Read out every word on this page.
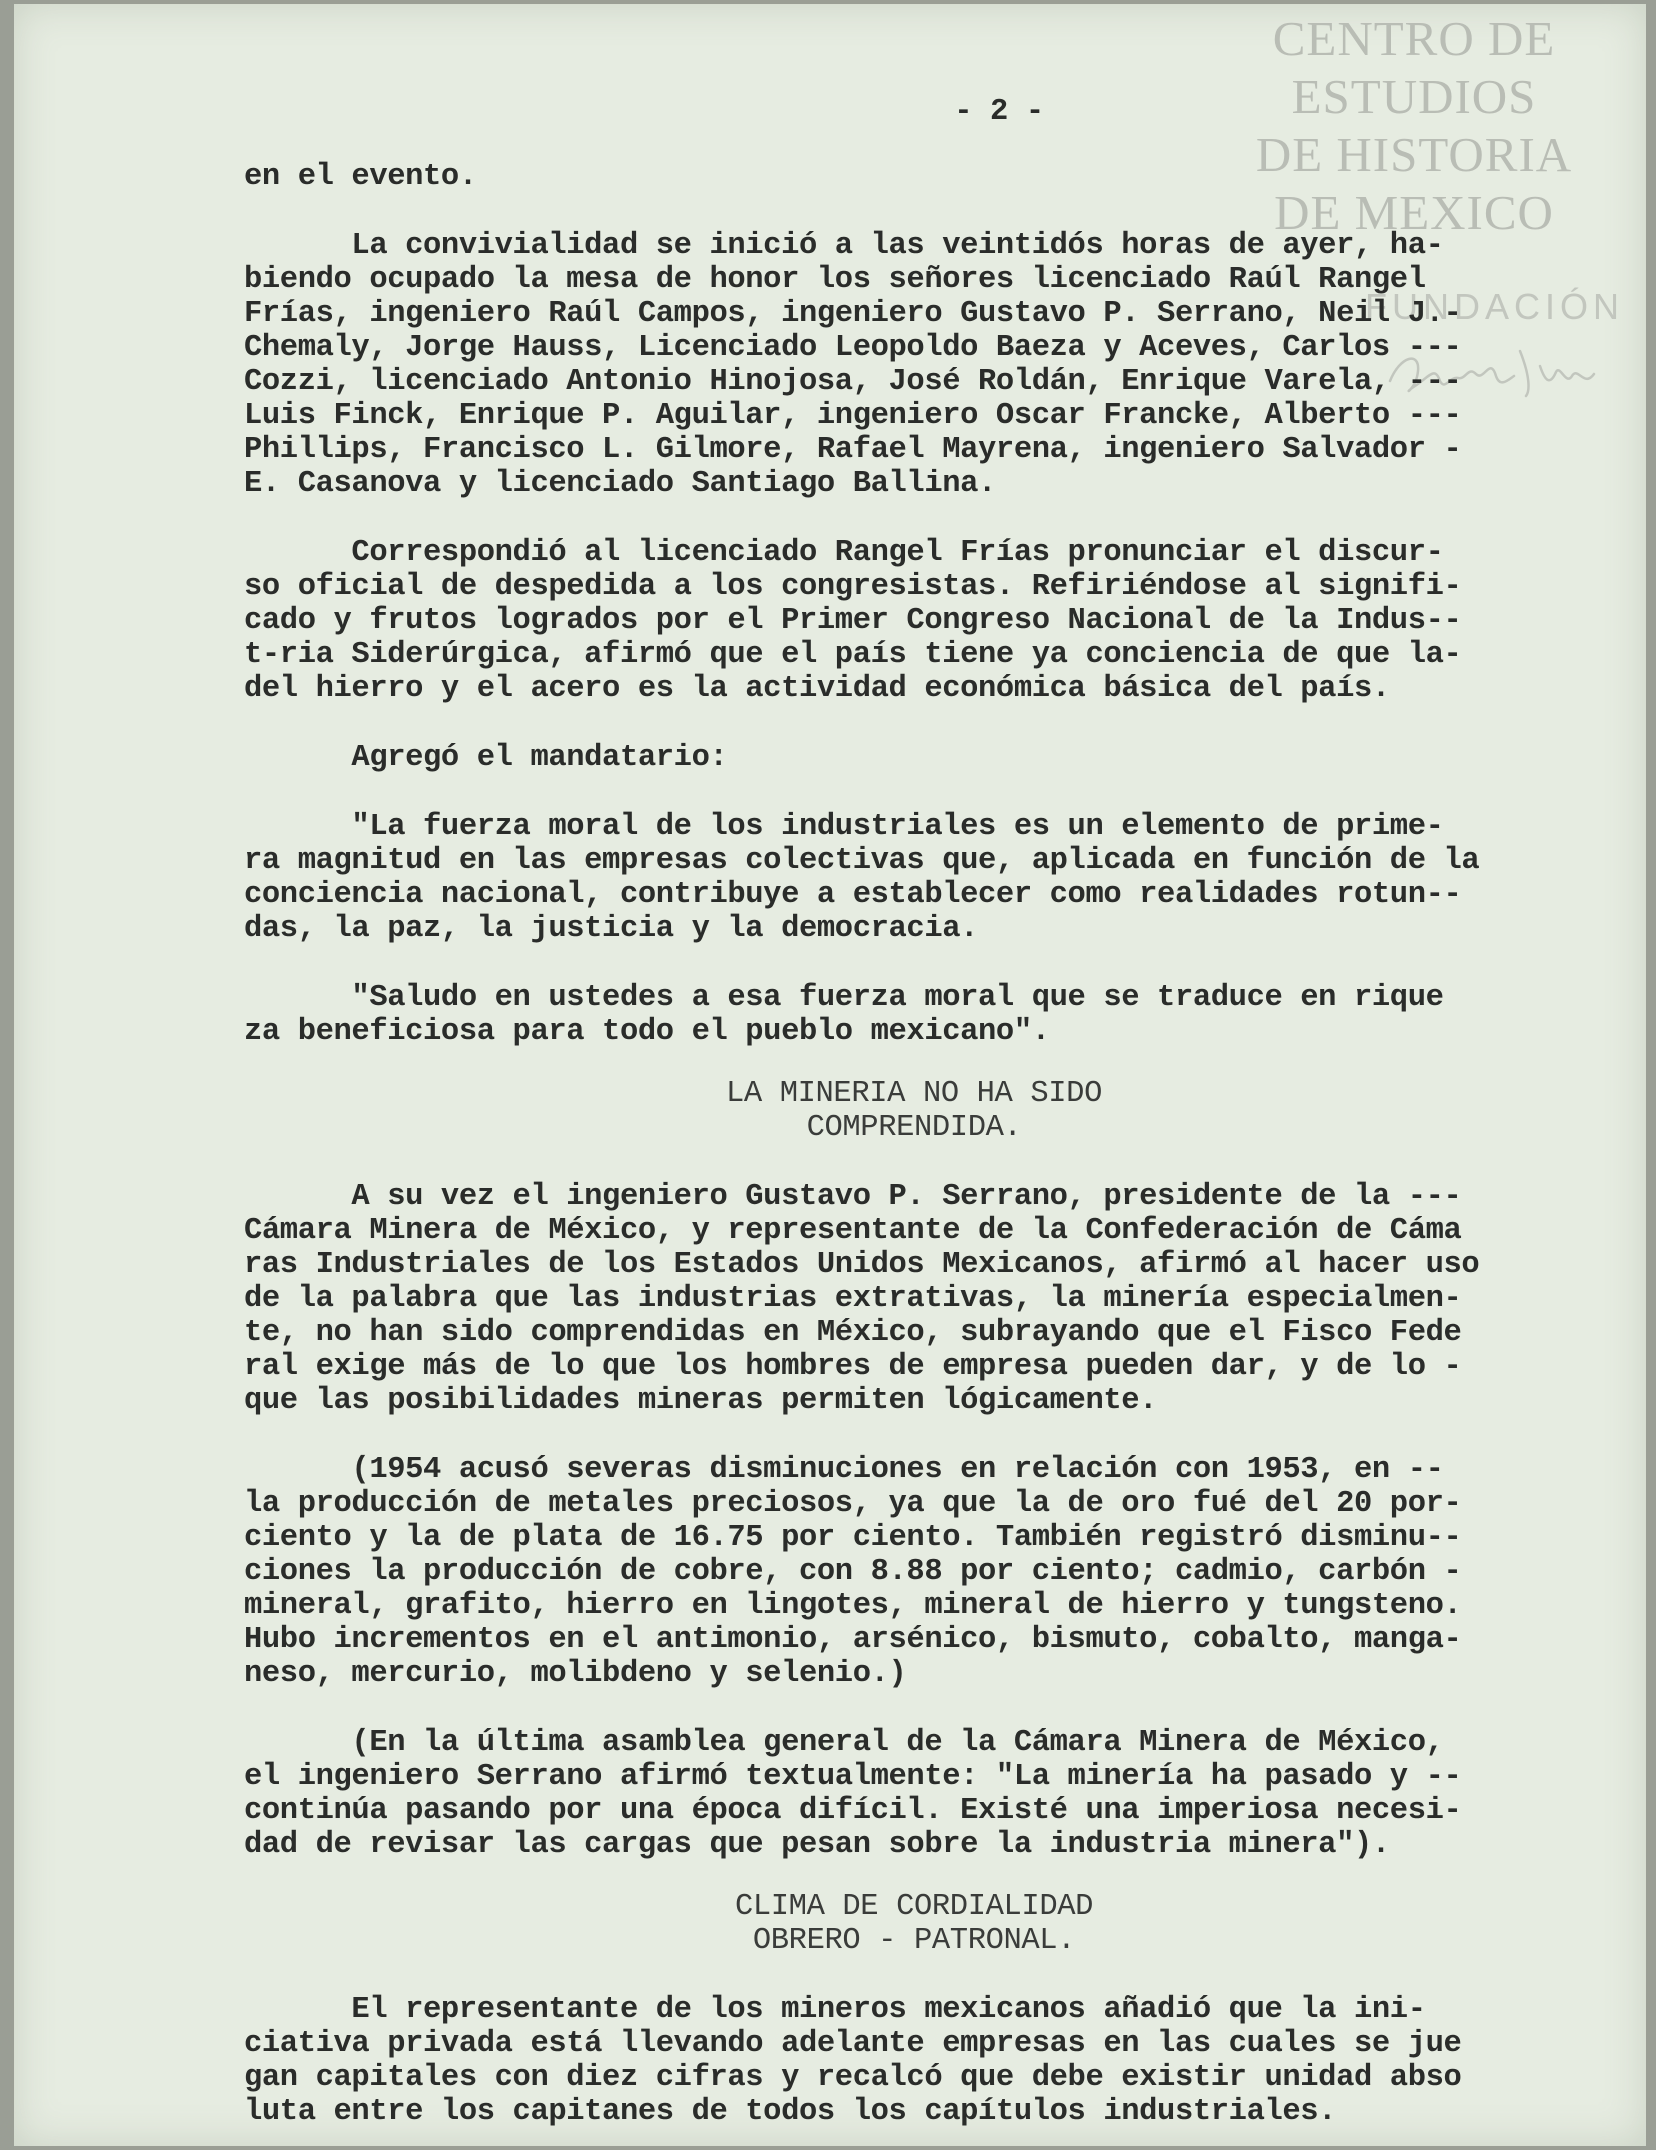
CENTRO DE
ESTUDIOS
DE HISTORIA
DE MEXICO
FUNDACIÓN
- 2 -
en el evento.
La convivialidad se inició a las veintidós horas de ayer, ha-
biendo ocupado la mesa de honor los señores licenciado Raúl Rangel
Frías, ingeniero Raúl Campos, ingeniero Gustavo P. Serrano, Neil J.-
Chemaly, Jorge Hauss, Licenciado Leopoldo Baeza y Aceves, Carlos ---
Cozzi, licenciado Antonio Hinojosa, José Roldán, Enrique Varela, ---
Luis Finck, Enrique P. Aguilar, ingeniero Oscar Francke, Alberto ---
Phillips, Francisco L. Gilmore, Rafael Mayrena, ingeniero Salvador -
E. Casanova y licenciado Santiago Ballina.
Correspondió al licenciado Rangel Frías pronunciar el discur-
so oficial de despedida a los congresistas. Refiriéndose al signifi-
cado y frutos logrados por el Primer Congreso Nacional de la Indus--
t-ria Siderúrgica, afirmó que el país tiene ya conciencia de que la-
del hierro y el acero es la actividad económica básica del país.
Agregó el mandatario:
"La fuerza moral de los industriales es un elemento de prime-
ra magnitud en las empresas colectivas que, aplicada en función de la
conciencia nacional, contribuye a establecer como realidades rotun--
das, la paz, la justicia y la democracia.
"Saludo en ustedes a esa fuerza moral que se traduce en rique
za beneficiosa para todo el pueblo mexicano".
LA MINERIA NO HA SIDO
COMPRENDIDA.
A su vez el ingeniero Gustavo P. Serrano, presidente de la ---
Cámara Minera de México, y representante de la Confederación de Cáma
ras Industriales de los Estados Unidos Mexicanos, afirmó al hacer uso
de la palabra que las industrias extrativas, la minería especialmen-
te, no han sido comprendidas en México, subrayando que el Fisco Fede
ral exige más de lo que los hombres de empresa pueden dar, y de lo -
que las posibilidades mineras permiten lógicamente.
(1954 acusó severas disminuciones en relación con 1953, en --
la producción de metales preciosos, ya que la de oro fué del 20 por-
ciento y la de plata de 16.75 por ciento. También registró disminu--
ciones la producción de cobre, con 8.88 por ciento; cadmio, carbón -
mineral, grafito, hierro en lingotes, mineral de hierro y tungsteno.
Hubo incrementos en el antimonio, arsénico, bismuto, cobalto, manga-
neso, mercurio, molibdeno y selenio.)
(En la última asamblea general de la Cámara Minera de México,
el ingeniero Serrano afirmó textualmente: "La minería ha pasado y --
continúa pasando por una época difícil. Existé una imperiosa necesi-
dad de revisar las cargas que pesan sobre la industria minera").
CLIMA DE CORDIALIDAD
OBRERO - PATRONAL.
El representante de los mineros mexicanos añadió que la ini-
ciativa privada está llevando adelante empresas en las cuales se jue
gan capitales con diez cifras y recalcó que debe existir unidad abso
luta entre los capitanes de todos los capítulos industriales.
